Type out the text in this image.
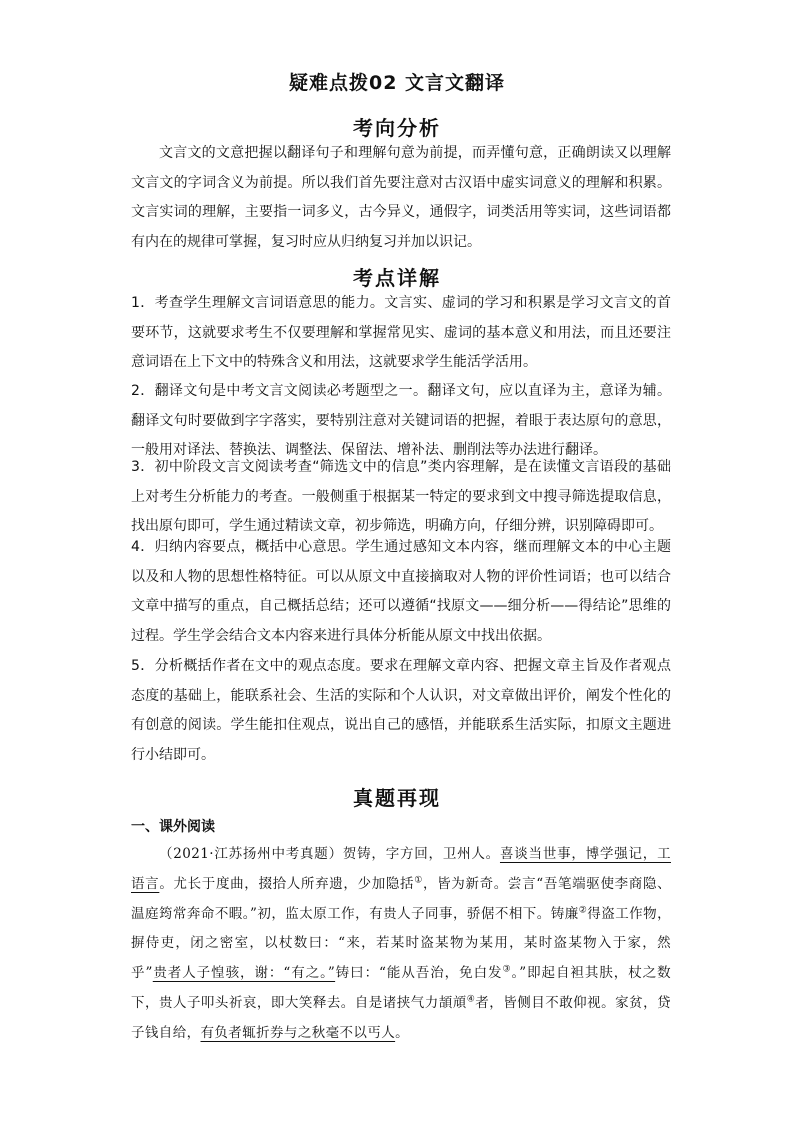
疑难点拨02 文言文翻译
考向分析
文言文的文意把握以翻译句子和理解句意为前提，而弄懂句意，正确朗读又以理解文言文的字词含义为前提。所以我们首先要注意对古汉语中虚实词意义的理解和积累。文言实词的理解，主要指一词多义，古今异义，通假字，词类活用等实词，这些词语都有内在的规律可掌握，复习时应从归纳复习并加以识记。
考点详解
1．考查学生理解文言词语意思的能力。文言实、虚词的学习和积累是学习文言文的首要环节，这就要求考生不仅要理解和掌握常见实、虚词的基本意义和用法，而且还要注意词语在上下文中的特殊含义和用法，这就要求学生能活学活用。
2．翻译文句是中考文言文阅读必考题型之一。翻译文句，应以直译为主，意译为辅。翻译文句时要做到字字落实，要特别注意对关键词语的把握，着眼于表达原句的意思，一般用对译法、替换法、调整法、保留法、增补法、删削法等办法进行翻译。
3．初中阶段文言文阅读考查“筛选文中的信息”类内容理解，是在读懂文言语段的基础上对考生分析能力的考查。一般侧重于根据某一特定的要求到文中搜寻筛选提取信息，找出原句即可，学生通过精读文章，初步筛选，明确方向，仔细分辨，识别障碍即可。
4．归纳内容要点，概括中心意思。学生通过感知文本内容，继而理解文本的中心主题以及和人物的思想性格特征。可以从原文中直接摘取对人物的评价性词语；也可以结合文章中描写的重点，自己概括总结；还可以遵循“找原文——细分析——得结论”思维的过程。学生学会结合文本内容来进行具体分析能从原文中找出依据。
5．分析概括作者在文中的观点态度。要求在理解文章内容、把握文章主旨及作者观点态度的基础上，能联系社会、生活的实际和个人认识，对文章做出评价，阐发个性化的有创意的阅读。学生能扣住观点，说出自己的感悟，并能联系生活实际，扣原文主题进行小结即可。
真题再现
一、课外阅读
（2021·江苏扬州中考真题）贺铸，字方回，卫州人。喜谈当世事，博学强记，工语言。尤长于度曲，掇拾人所弃遗，少加隐括①，皆为新奇。尝言“吾笔端驱使李商隐、温庭筠常奔命不暇。”初，监太原工作，有贵人子同事，骄倨不相下。铸廉②得盗工作物，摒侍吏，闭之密室，以杖数曰：“来，若某时盗某物为某用，某时盗某物入于家，然乎”贵者人子惶骇，谢：“有之。”铸曰：“能从吾治，免白发③。”即起自袒其肤，杖之数下，贵人子叩头祈哀，即大笑释去。自是诸挟气力頡頏④者，皆侧目不敢仰视。家贫，贷子钱自给，有负者辄折券与之秋毫不以丐人。
